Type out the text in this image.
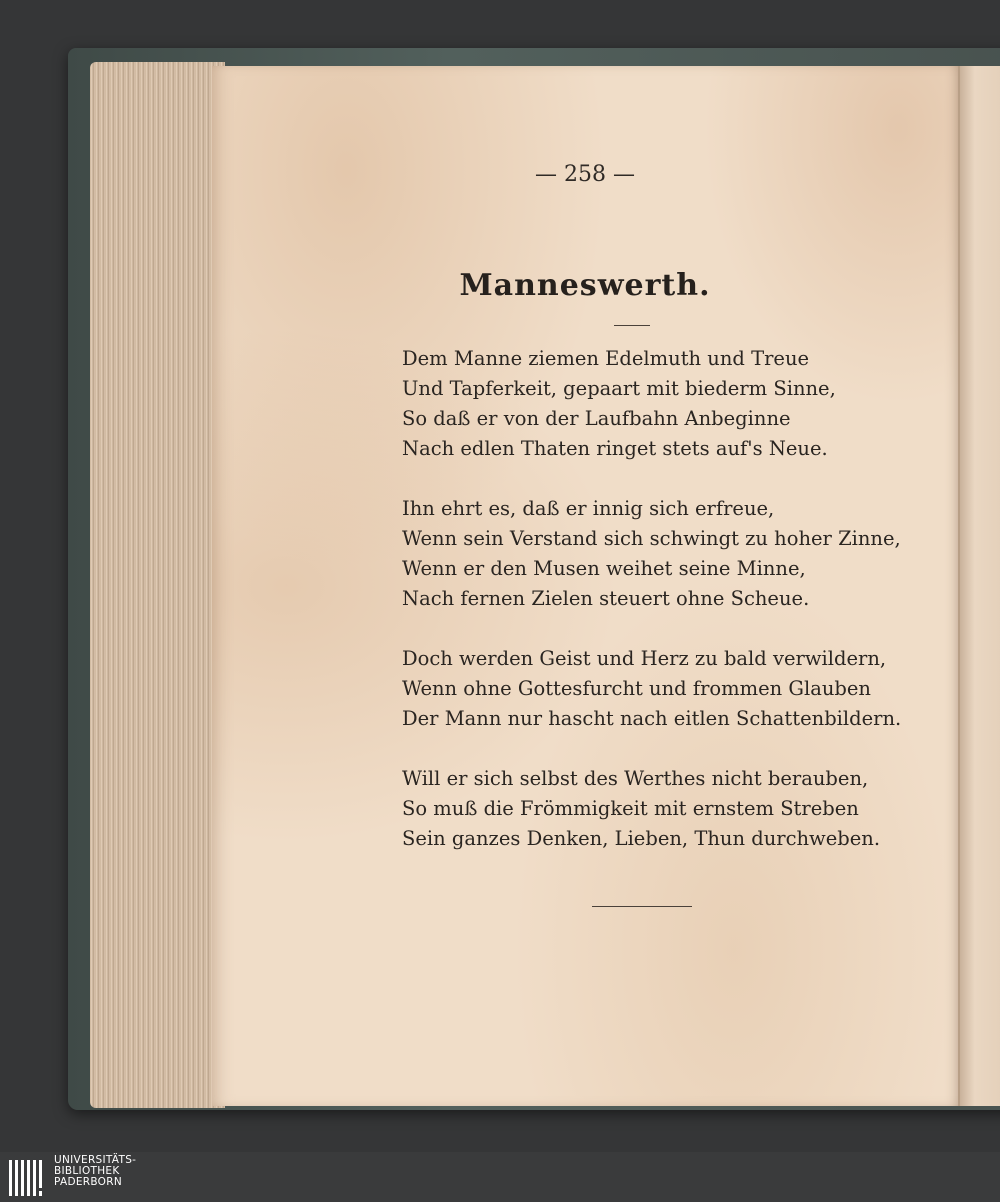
— 258 —
Manneswerth.
Dem Manne ziemen Edelmuth und Treue
Und Tapferkeit, gepaart mit biederm Sinne,
So daß er von der Laufbahn Anbeginne
Nach edlen Thaten ringet stets auf's Neue.
Ihn ehrt es, daß er innig sich erfreue,
Wenn sein Verstand sich schwingt zu hoher Zinne,
Wenn er den Musen weihet seine Minne,
Nach fernen Zielen steuert ohne Scheue.
Doch werden Geist und Herz zu bald verwildern,
Wenn ohne Gottesfurcht und frommen Glauben
Der Mann nur hascht nach eitlen Schattenbildern.
Will er sich selbst des Werthes nicht berauben,
So muß die Frömmigkeit mit ernstem Streben
Sein ganzes Denken, Lieben, Thun durchweben.
UNIVERSITÄTS-
BIBLIOTHEK
PADERBORN
